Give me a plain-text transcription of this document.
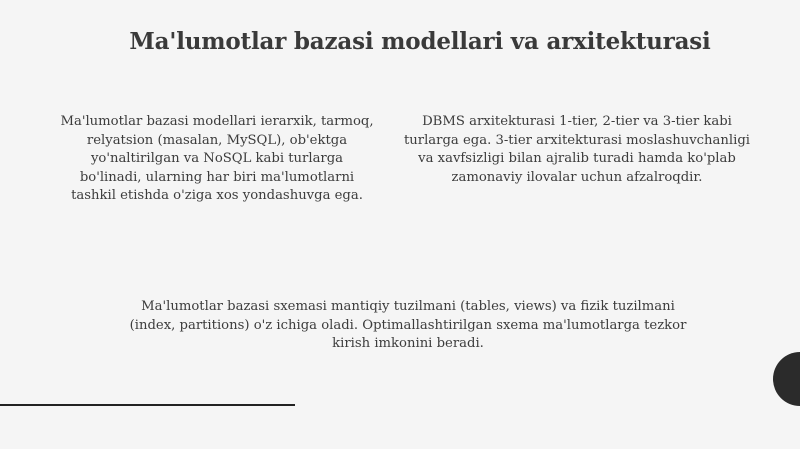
Ma'lumotlar bazasi modellari va arxitekturasi

Ma'lumotlar bazasi modellari ierarxik, tarmoq, relyatsion (masalan, MySQL), ob'ektga yo'naltirilgan va NoSQL kabi turlarga bo'linadi, ularning har biri ma'lumotlarni tashkil etishda o'ziga xos yondashuvga ega.

DBMS arxitekturasi 1-tier, 2-tier va 3-tier kabi turlarga ega. 3-tier arxitekturasi moslashuvchanligi va xavfsizligi bilan ajralib turadi hamda ko'plab zamonaviy ilovalar uchun afzalroqdir.

Ma'lumotlar bazasi sxemasi mantiqiy tuzilmani (tables, views) va fizik tuzilmani (index, partitions) o'z ichiga oladi. Optimallashtirilgan sxema ma'lumotlarga tezkor kirish imkonini beradi.
